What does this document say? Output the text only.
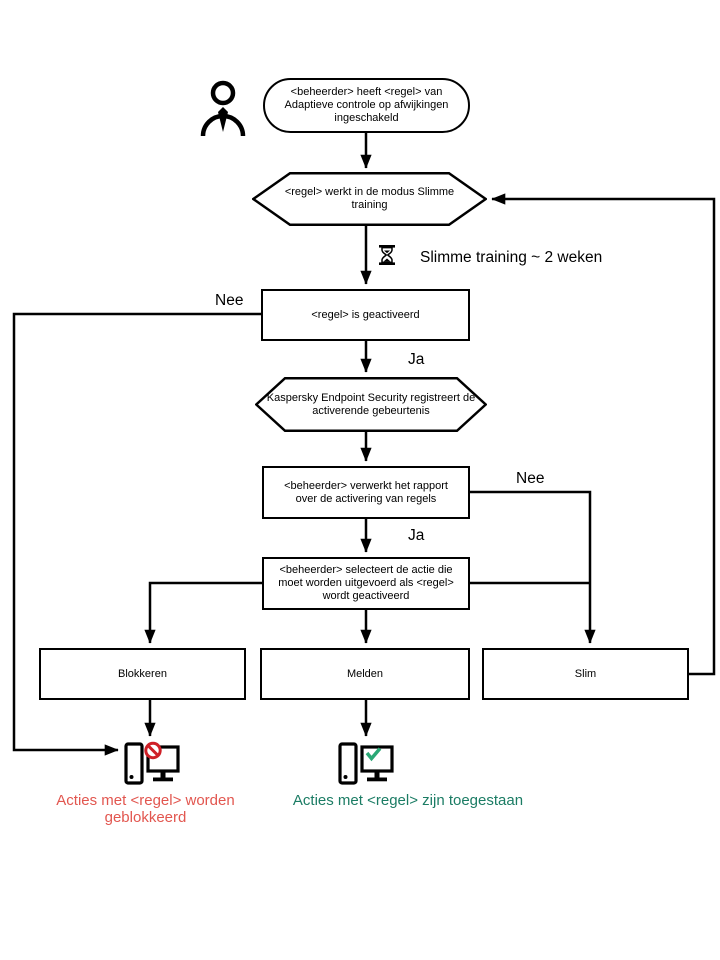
<beheerder> heeft <regel> van Adaptieve controle op afwijkingen ingeschakeld
<regel> werkt in de modus Slimme training
Slimme training ~ 2 weken
<regel> is geactiveerd
Nee
Ja
Kaspersky Endpoint Security registreert de activerende gebeurtenis
<beheerder> verwerkt het rapport over de activering van regels
Nee
Ja
<beheerder> selecteert de actie die moet worden uitgevoerd als <regel> wordt geactiveerd
Blokkeren	Melden	Slim
Acties met <regel> worden geblokkeerd
Acties met <regel> zijn toegestaan
